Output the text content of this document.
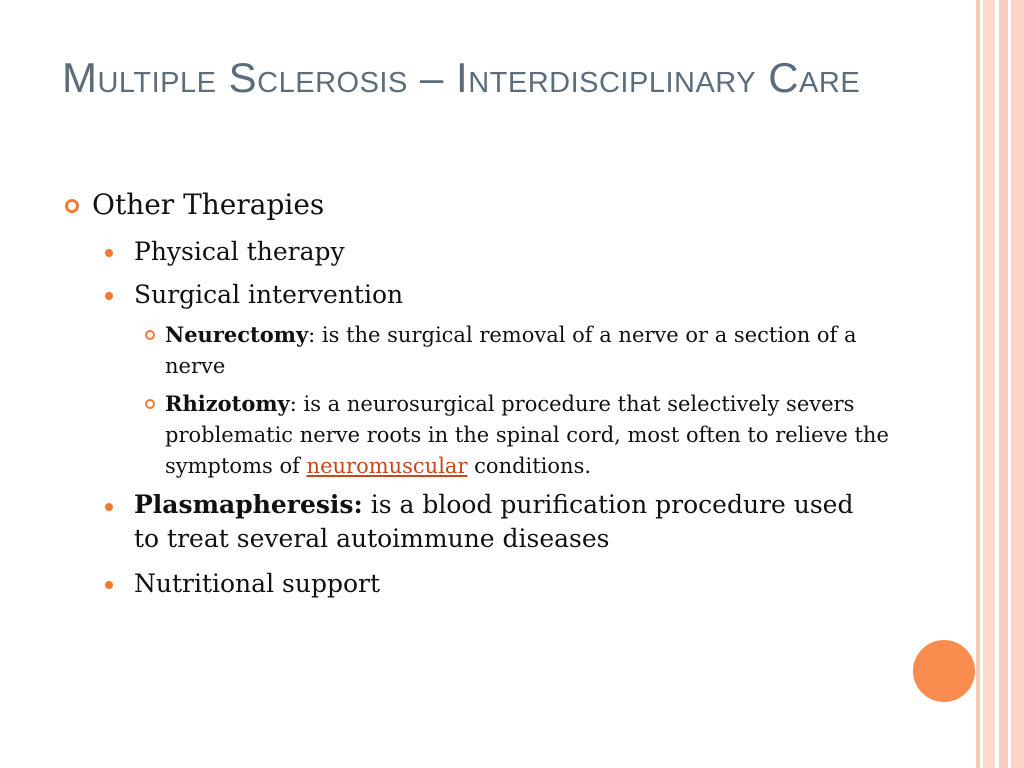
Multiple Sclerosis – Interdisciplinary Care
Other Therapies
Physical therapy
Surgical intervention
Neurectomy: is the surgical removal of a nerve or a section of a nerve
Rhizotomy: is a neurosurgical procedure that selectively severs problematic nerve roots in the spinal cord, most often to relieve the symptoms of neuromuscular conditions.
Plasmapheresis: is a blood purification procedure used to treat several autoimmune diseases
Nutritional support
